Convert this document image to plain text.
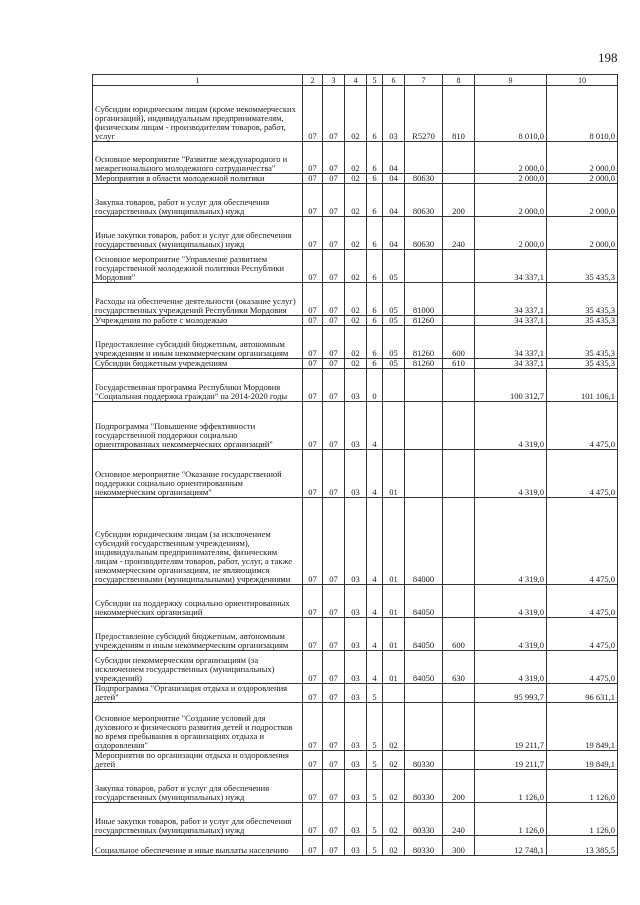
198
1	2	3	4	5	6	7	8	9	10
Субсидии юридическим лицам (кроме некоммерческих организаций), индивидуальным предпринимателям, физическим лицам - производителям товаров, работ, услуг	07	07	02	6	03	R5270	810	8 010,0	8 010,0
Основное мероприятие "Развитие международного и межрегионального молодежного сотрудничества"	07	07	02	6	04			2 000,0	2 000,0
Мероприятия в области молодежной политики	07	07	02	6	04	80630		2 000,0	2 000,0
Закупка товаров, работ и услуг для обеспечения государственных (муниципальных) нужд	07	07	02	6	04	80630	200	2 000,0	2 000,0
Иные закупки товаров, работ и услуг для обеспечения государственных (муниципальных) нужд	07	07	02	6	04	80630	240	2 000,0	2 000,0
Основное мероприятие "Управление развитием государственной молодежной политики Республики Мордовия"	07	07	02	6	05			34 337,1	35 435,3
Расходы на обеспечение деятельности (оказание услуг) государственных учреждений Республики Мордовия	07	07	02	6	05	81000		34 337,1	35 435,3
Учреждения по работе с молодежью	07	07	02	6	05	81260		34 337,1	35 435,3
Предоставление субсидий бюджетным, автономным учреждениям и иным некоммерческим организациям	07	07	02	6	05	81260	600	34 337,1	35 435,3
Субсидии бюджетным учреждениям	07	07	02	6	05	81260	610	34 337,1	35 435,3
Государственная программа Республики Мордовия "Социальная поддержка граждан" на 2014-2020 годы	07	07	03	0				100 312,7	101 106,1
Подпрограмма "Повышение эффективности государственной поддержки социально ориентированных некоммерческих организаций"	07	07	03	4				4 319,0	4 475,0
Основное мероприятие "Оказание государственной поддержки социально ориентированным некоммерческим организациям"	07	07	03	4	01			4 319,0	4 475,0
Субсидии юридическим лицам (за исключением субсидий государственным учреждениям), индивидуальным предпринимателям, физическим лицам - производителям товаров, работ, услуг, а также некоммерческим организациям, не являющимся государственными (муниципальными) учреждениями	07	07	03	4	01	84000		4 319,0	4 475,0
Субсидии на поддержку социально ориентированных некоммерческих организаций	07	07	03	4	01	84050		4 319,0	4 475,0
Предоставление субсидий бюджетным, автономным учреждениям и иным некоммерческим организациям	07	07	03	4	01	84050	600	4 319,0	4 475,0
Субсидии некоммерческим организациям (за исключением государственных (муниципальных) учреждений)	07	07	03	4	01	84050	630	4 319,0	4 475,0
Подпрограмма "Организация отдыха и оздоровления детей"	07	07	03	5				95 993,7	96 631,1
Основное мероприятие "Создание условий для духовного и физического развития детей и подростков во время пребывания в организациях отдыха и оздоровления"	07	07	03	5	02			19 211,7	19 849,1
Мероприятия по организации отдыха и оздоровления детей	07	07	03	5	02	80330		19 211,7	19 849,1
Закупка товаров, работ и услуг для обеспечения государственных (муниципальных) нужд	07	07	03	5	02	80330	200	1 126,0	1 126,0
Иные закупки товаров, работ и услуг для обеспечения государственных (муниципальных) нужд	07	07	03	5	02	80330	240	1 126,0	1 126,0
Социальное обеспечение и иные выплаты населению	07	07	03	5	02	80330	300	12 748,1	13 385,5
